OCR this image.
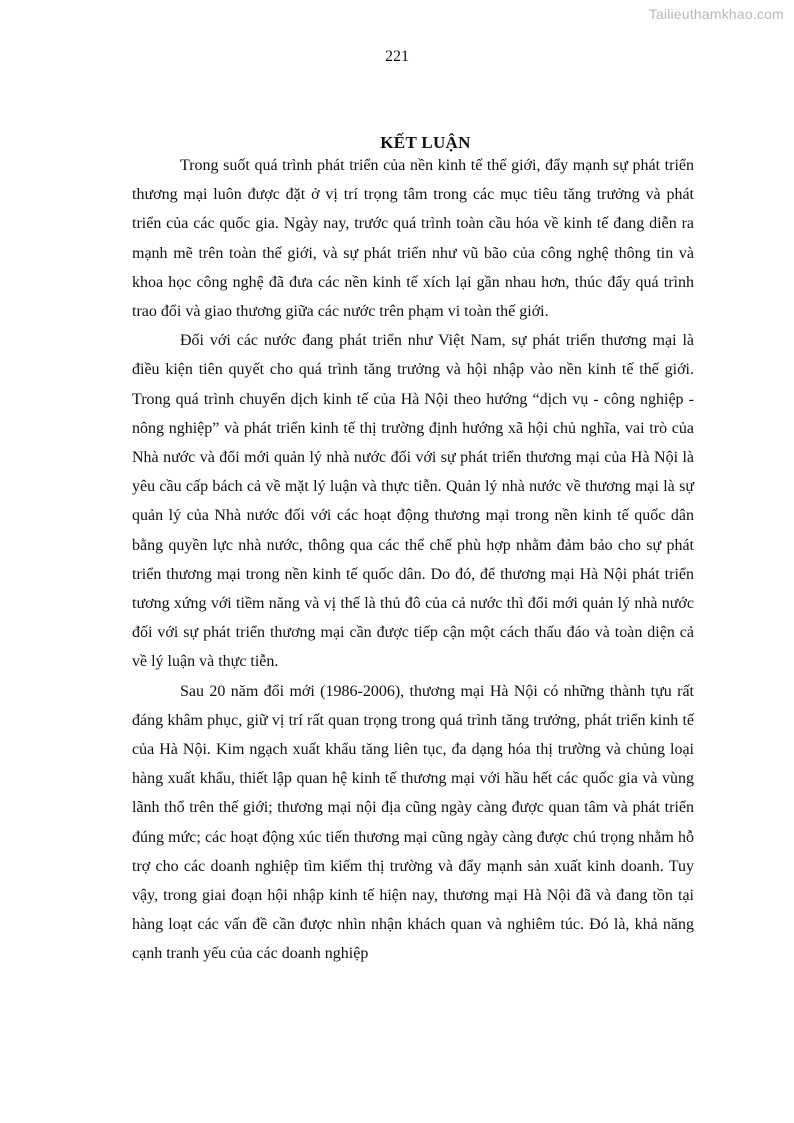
Tailieuthamkhao.com
221
KẾT LUẬN

Trong suốt quá trình phát triển của nền kinh tế thế giới, đẩy mạnh sự phát triển thương mại luôn được đặt ở vị trí trọng tâm trong các mục tiêu tăng trưởng và phát triển của các quốc gia. Ngày nay, trước quá trình toàn cầu hóa về kinh tế đang diễn ra mạnh mẽ trên toàn thế giới, và sự phát triển như vũ bão của công nghệ thông tin và khoa học công nghệ đã đưa các nền kinh tế xích lại gần nhau hơn, thúc đẩy quá trình trao đổi và giao thương giữa các nước trên phạm vi toàn thế giới.

Đối với các nước đang phát triển như Việt Nam, sự phát triển thương mại là điều kiện tiên quyết cho quá trình tăng trưởng và hội nhập vào nền kinh tế thế giới. Trong quá trình chuyển dịch kinh tế của Hà Nội theo hướng “dịch vụ - công nghiệp - nông nghiệp” và phát triển kinh tế thị trường định hướng xã hội chủ nghĩa, vai trò của Nhà nước và đổi mới quản lý nhà nước đối với sự phát triển thương mại của Hà Nội là yêu cầu cấp bách cả về mặt lý luận và thực tiễn. Quản lý nhà nước về thương mại là sự quản lý của Nhà nước đối với các hoạt động thương mại trong nền kinh tế quốc dân bằng quyền lực nhà nước, thông qua các thể chế phù hợp nhằm đảm bảo cho sự phát triển thương mại trong nền kinh tế quốc dân. Do đó, để thương mại Hà Nội phát triển tương xứng với tiềm năng và vị thế là thủ đô của cả nước thì đổi mới quản lý nhà nước đối với sự phát triển thương mại cần được tiếp cận một cách thấu đáo và toàn diện cả về lý luận và thực tiễn.

Sau 20 năm đổi mới (1986-2006), thương mại Hà Nội có những thành tựu rất đáng khâm phục, giữ vị trí rất quan trọng trong quá trình tăng trưởng, phát triển kinh tế của Hà Nội. Kim ngạch xuất khẩu tăng liên tục, đa dạng hóa thị trường và chủng loại hàng xuất khẩu, thiết lập quan hệ kinh tế thương mại với hầu hết các quốc gia và vùng lãnh thổ trên thế giới; thương mại nội địa cũng ngày càng được quan tâm và phát triển đúng mức; các hoạt động xúc tiến thương mại cũng ngày càng được chú trọng nhằm hỗ trợ cho các doanh nghiệp tìm kiếm thị trường và đẩy mạnh sản xuất kinh doanh. Tuy vậy, trong giai đoạn hội nhập kinh tế hiện nay, thương mại Hà Nội đã và đang tồn tại hàng loạt các vấn đề cần được nhìn nhận khách quan và nghiêm túc. Đó là, khả năng cạnh tranh yếu của các doanh nghiệp
